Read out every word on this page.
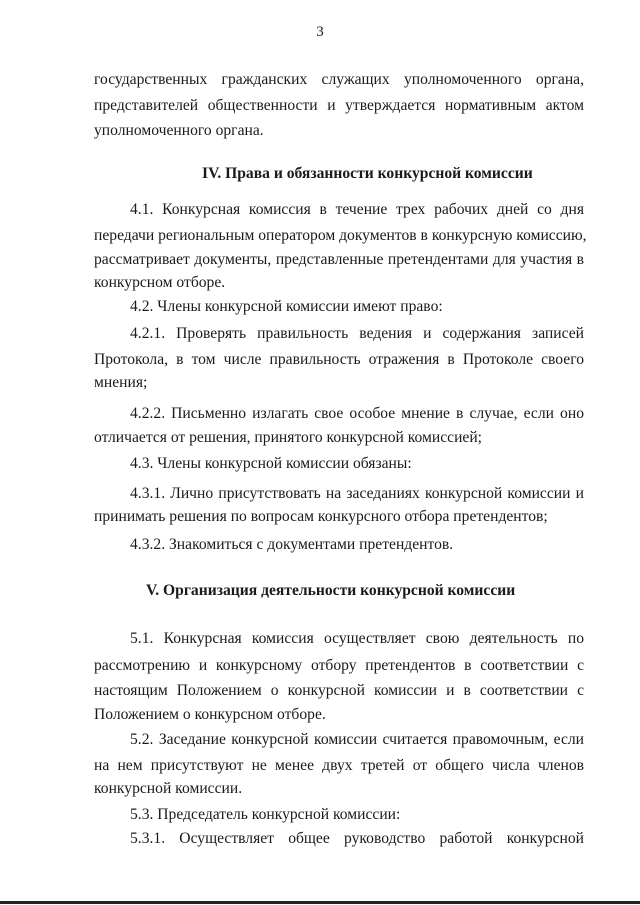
3
государственных гражданских служащих уполномоченного органа,
представителей общественности и утверждается нормативным актом
уполномоченного органа.
IV. Права и обязанности конкурсной комиссии
4.1. Конкурсная комиссия в течение трех рабочих дней со дня
передачи региональным оператором документов в конкурсную комиссию,
рассматривает документы, представленные претендентами для участия в
конкурсном отборе.
4.2. Члены конкурсной комиссии имеют право:
4.2.1. Проверять правильность ведения и содержания записей
Протокола, в том числе правильность отражения в Протоколе своего
мнения;
4.2.2. Письменно излагать свое особое мнение в случае, если оно
отличается от решения, принятого конкурсной комиссией;
4.3. Члены конкурсной комиссии обязаны:
4.3.1. Лично присутствовать на заседаниях конкурсной комиссии и
принимать решения по вопросам конкурсного отбора претендентов;
4.3.2. Знакомиться с документами претендентов.
V. Организация деятельности конкурсной комиссии
5.1. Конкурсная комиссия осуществляет свою деятельность по
рассмотрению и конкурсному отбору претендентов в соответствии с
настоящим Положением о конкурсной комиссии и в соответствии с
Положением о конкурсном отборе.
5.2. Заседание конкурсной комиссии считается правомочным, если
на нем присутствуют не менее двух третей от общего числа членов
конкурсной комиссии.
5.3. Председатель конкурсной комиссии:
5.3.1. Осуществляет общее руководство работой конкурсной
